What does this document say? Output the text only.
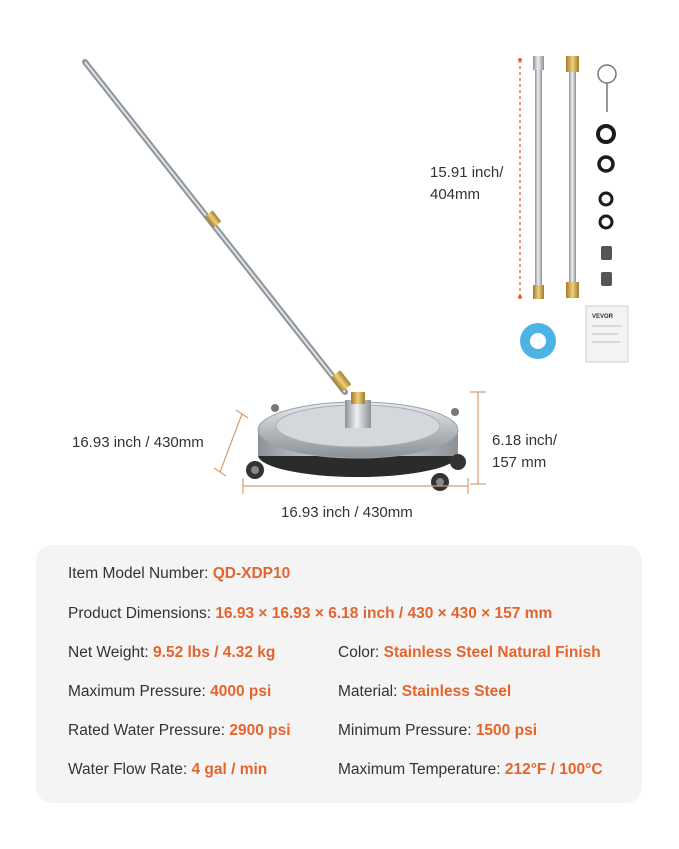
VEVOR
15.91 inch/
404mm
16.93 inch / 430mm
16.93 inch / 430mm
6.18 inch/
157 mm
Item Model Number: QD-XDP10
Product Dimensions: 16.93 × 16.93 × 6.18 inch / 430 × 430 × 157 mm
Net Weight: 9.52 lbs / 4.32 kg	Color: Stainless Steel Natural Finish
Maximum Pressure: 4000 psi	Material: Stainless Steel
Rated Water Pressure: 2900 psi	Minimum Pressure: 1500 psi
Water Flow Rate: 4 gal / min	Maximum Temperature: 212°F / 100°C
